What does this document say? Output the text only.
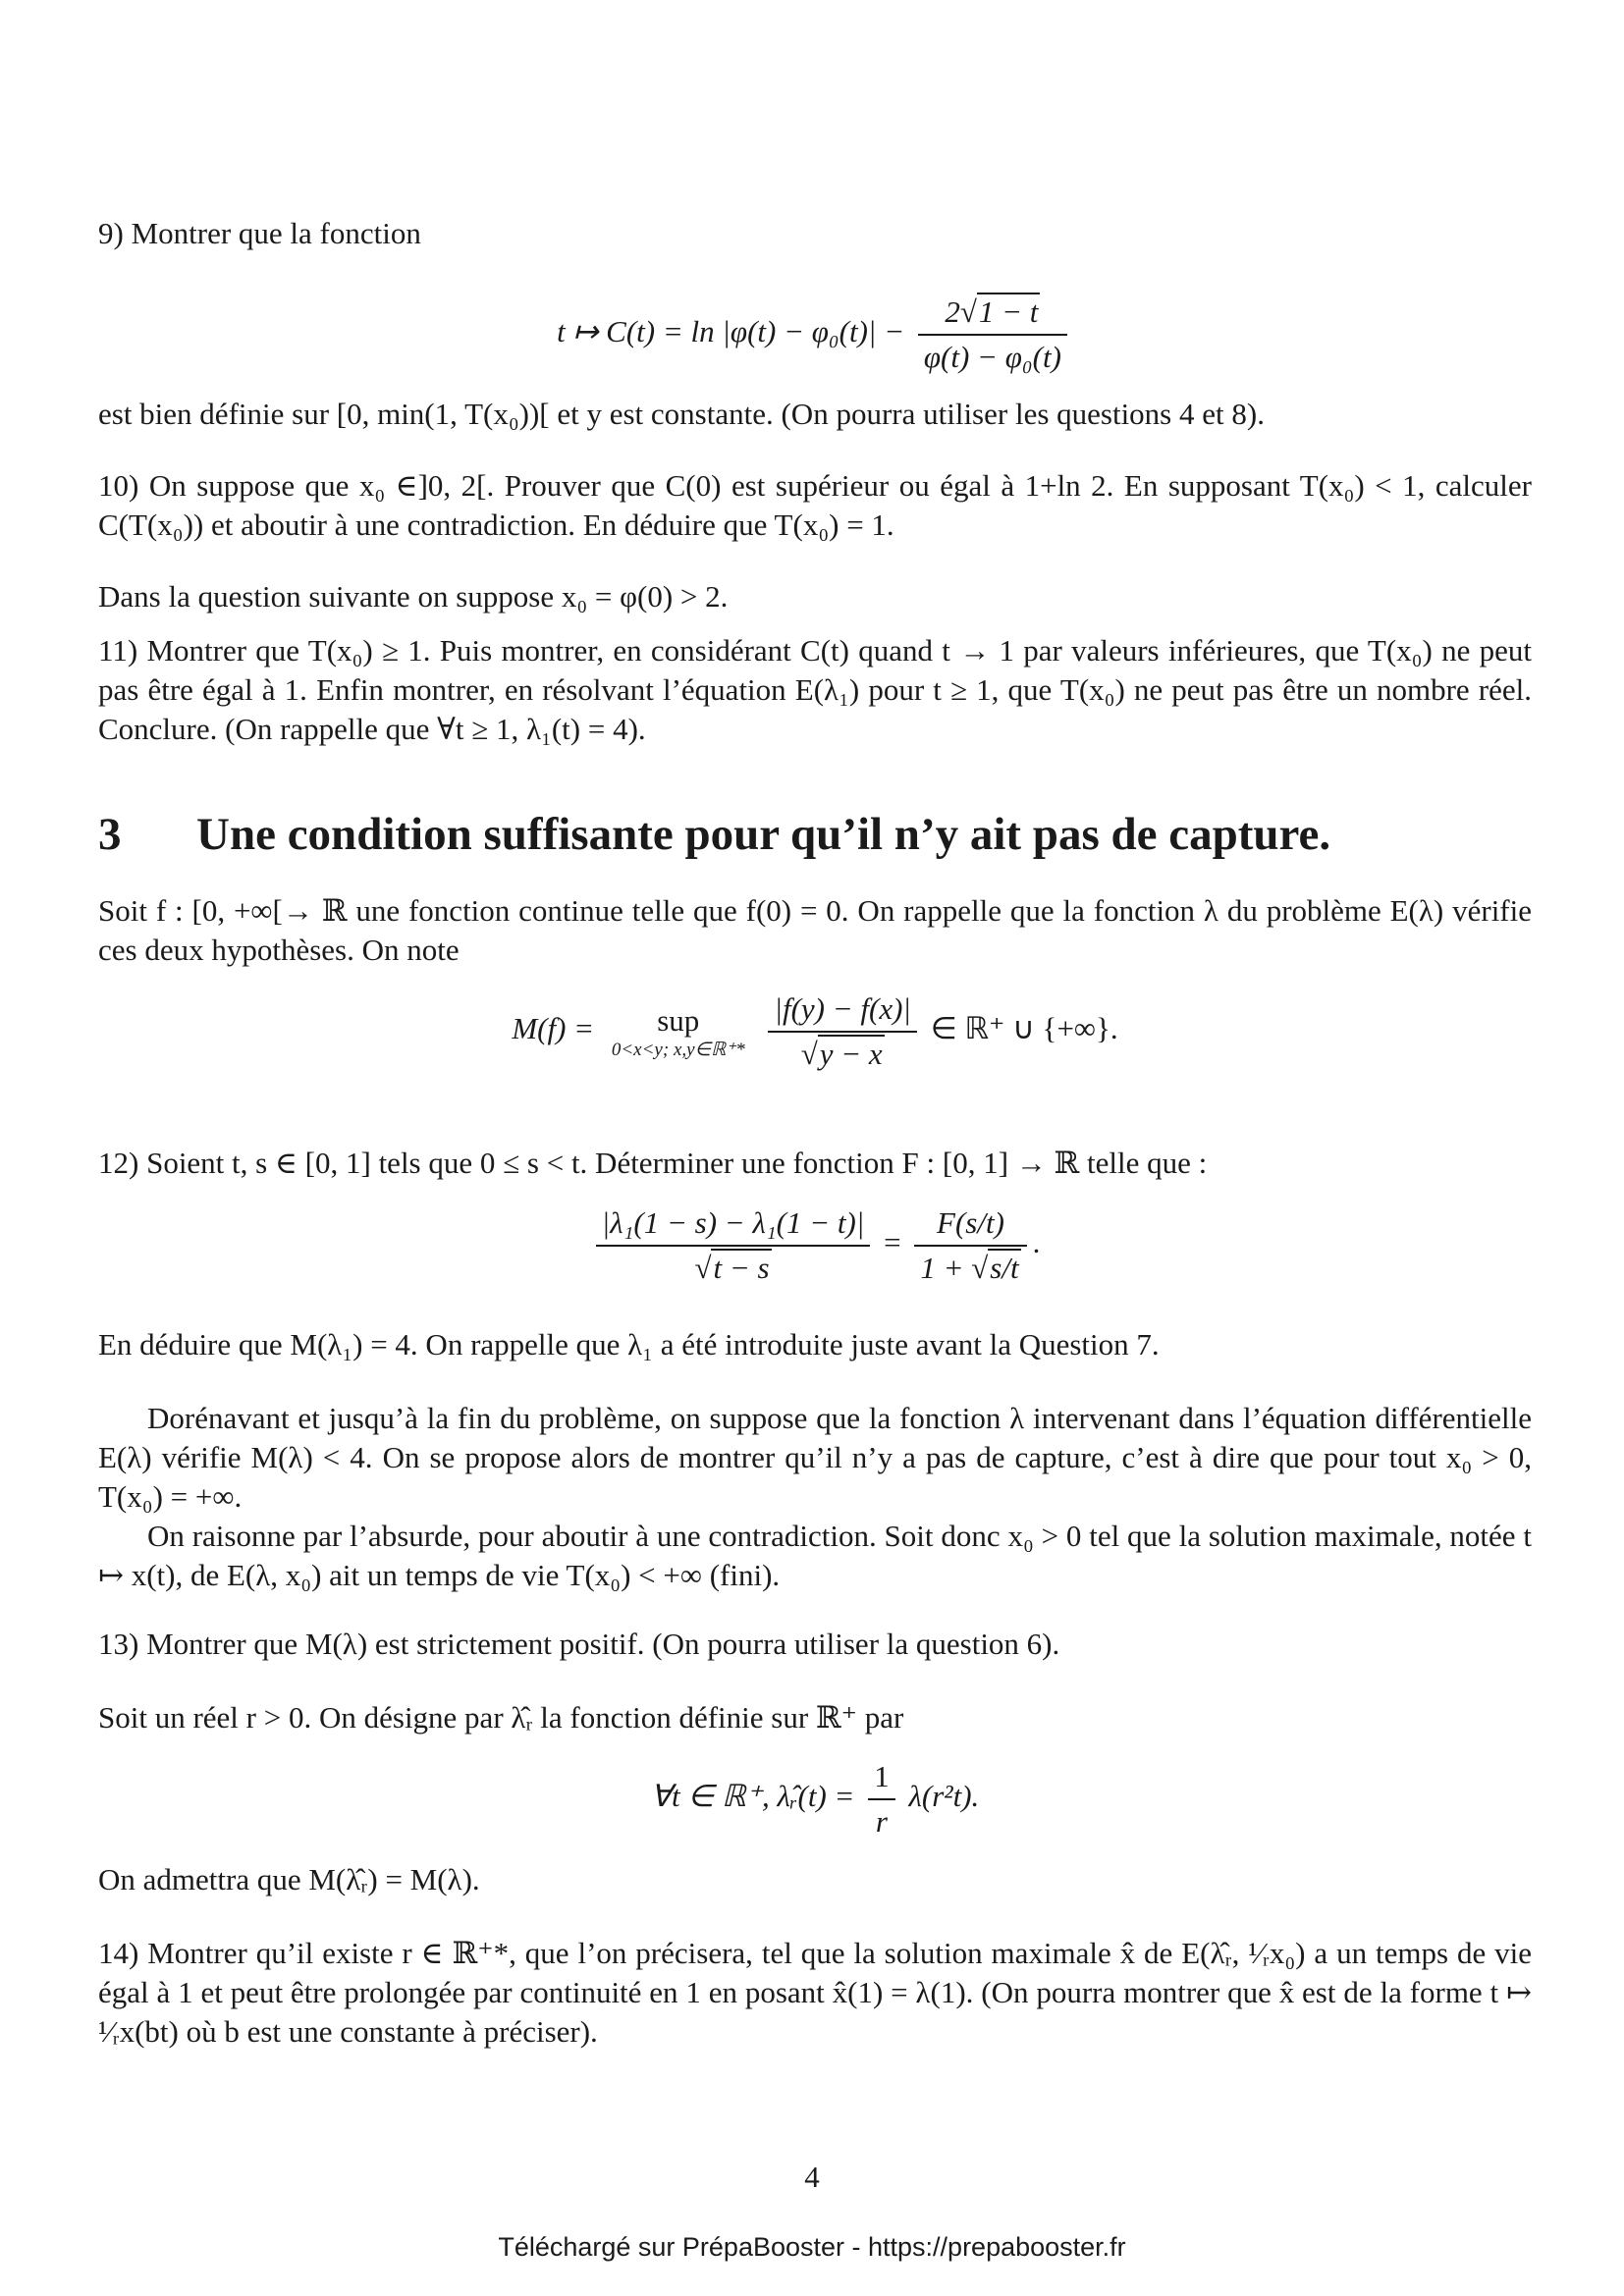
9) Montrer que la fonction
t ↦ $C(t) = \ln |\varphi(t) - \varphi_0(t)| - \frac{2√1 - t}{\text{φ(t) − φ₀(t)}}$
est bien définie sur [0, min(1, T(x₀))[ et y est constante. (On pourra utiliser les questions 4 et 8).
10) On suppose que x₀ ∈]0, 2[. Prouver que C(0) est supérieur ou égal à 1+ln 2. En supposant T(x₀) < 1, calculer C(T(x₀)) et aboutir à une contradiction. En déduire que T(x₀) = 1.
Dans la question suivante on suppose x₀ = φ(0) > 2.
11) Montrer que T(x₀) ≥ 1. Puis montrer, en considérant C(t) quand t → 1 par valeurs inférieures, que T(x₀) ne peut pas être égal à 1. Enfin montrer, en résolvant l’équation E(λ₁) pour t ≥ 1, que T(x₀) ne peut pas être un nombre réel. Conclure. (On rappelle que ∀t ≥ 1, λ₁(t) = 4).
3 Une condition suffisante pour qu’il n’y ait pas de capture.
Soit f : [0, +∞[→ ℝ une fonction continue telle que f(0) = 0. On rappelle que la fonction λ du problème E(λ) vérifie ces deux hypothèses. On note
M(f) = sup
0<x<y; x,y∈ℝ⁺*
$\frac{|f(y) - f(x)|}{√y - x}$ ∈ ℝ⁺ ∪ {+∞}.
12) Soient t, s ∈ [0, 1] tels que 0 ≤ s < t. Déterminer une fonction F : [0, 1] → ℝ telle que :
$\frac{\text{|λ₁(1 − s) − λ₁(1 − t)|}}{√t - s} = \frac{F(s/t)}{1 + √s/t}$ .
En déduire que M(λ₁) = 4. On rappelle que λ₁ a été introduite juste avant la Question 7.
Dorénavant et jusqu’à la fin du problème, on suppose que la fonction λ intervenant dans l’équation différentielle E(λ) vérifie M(λ) < 4. On se propose alors de montrer qu’il n’y a pas de capture, c’est à dire que pour tout x₀ > 0, T(x₀) = +∞.
On raisonne par l’absurde, pour aboutir à une contradiction. Soit donc x₀ > 0 tel que la solution maximale, notée t ↦ x(t), de E(λ, x₀) ait un temps de vie T(x₀) < +∞ (fini).
13) Montrer que M(λ) est strictement positif. (On pourra utiliser la question 6).
Soit un réel r > 0. On désigne par λ̂ᵣ la fonction définie sur ℝ⁺ par
∀t ∈ ℝ⁺, λ̂ᵣ(t) = $\frac{1}{r} \lambda(r^2t)$.
On admettra que M(λ̂ᵣ) = M(λ).
14) Montrer qu’il existe r ∈ ℝ⁺*, que l’on précisera, tel que la solution maximale x̂ de E(λ̂ᵣ, ¹⁄ᵣx₀) a un temps de vie égal à 1 et peut être prolongée par continuité en 1 en posant x̂(1) = λ(1). (On pourra montrer que x̂ est de la forme t ↦ ¹⁄ᵣx(bt) où b est une constante à préciser).
4
Téléchargé sur PrépaBooster - https://prepabooster.fr
